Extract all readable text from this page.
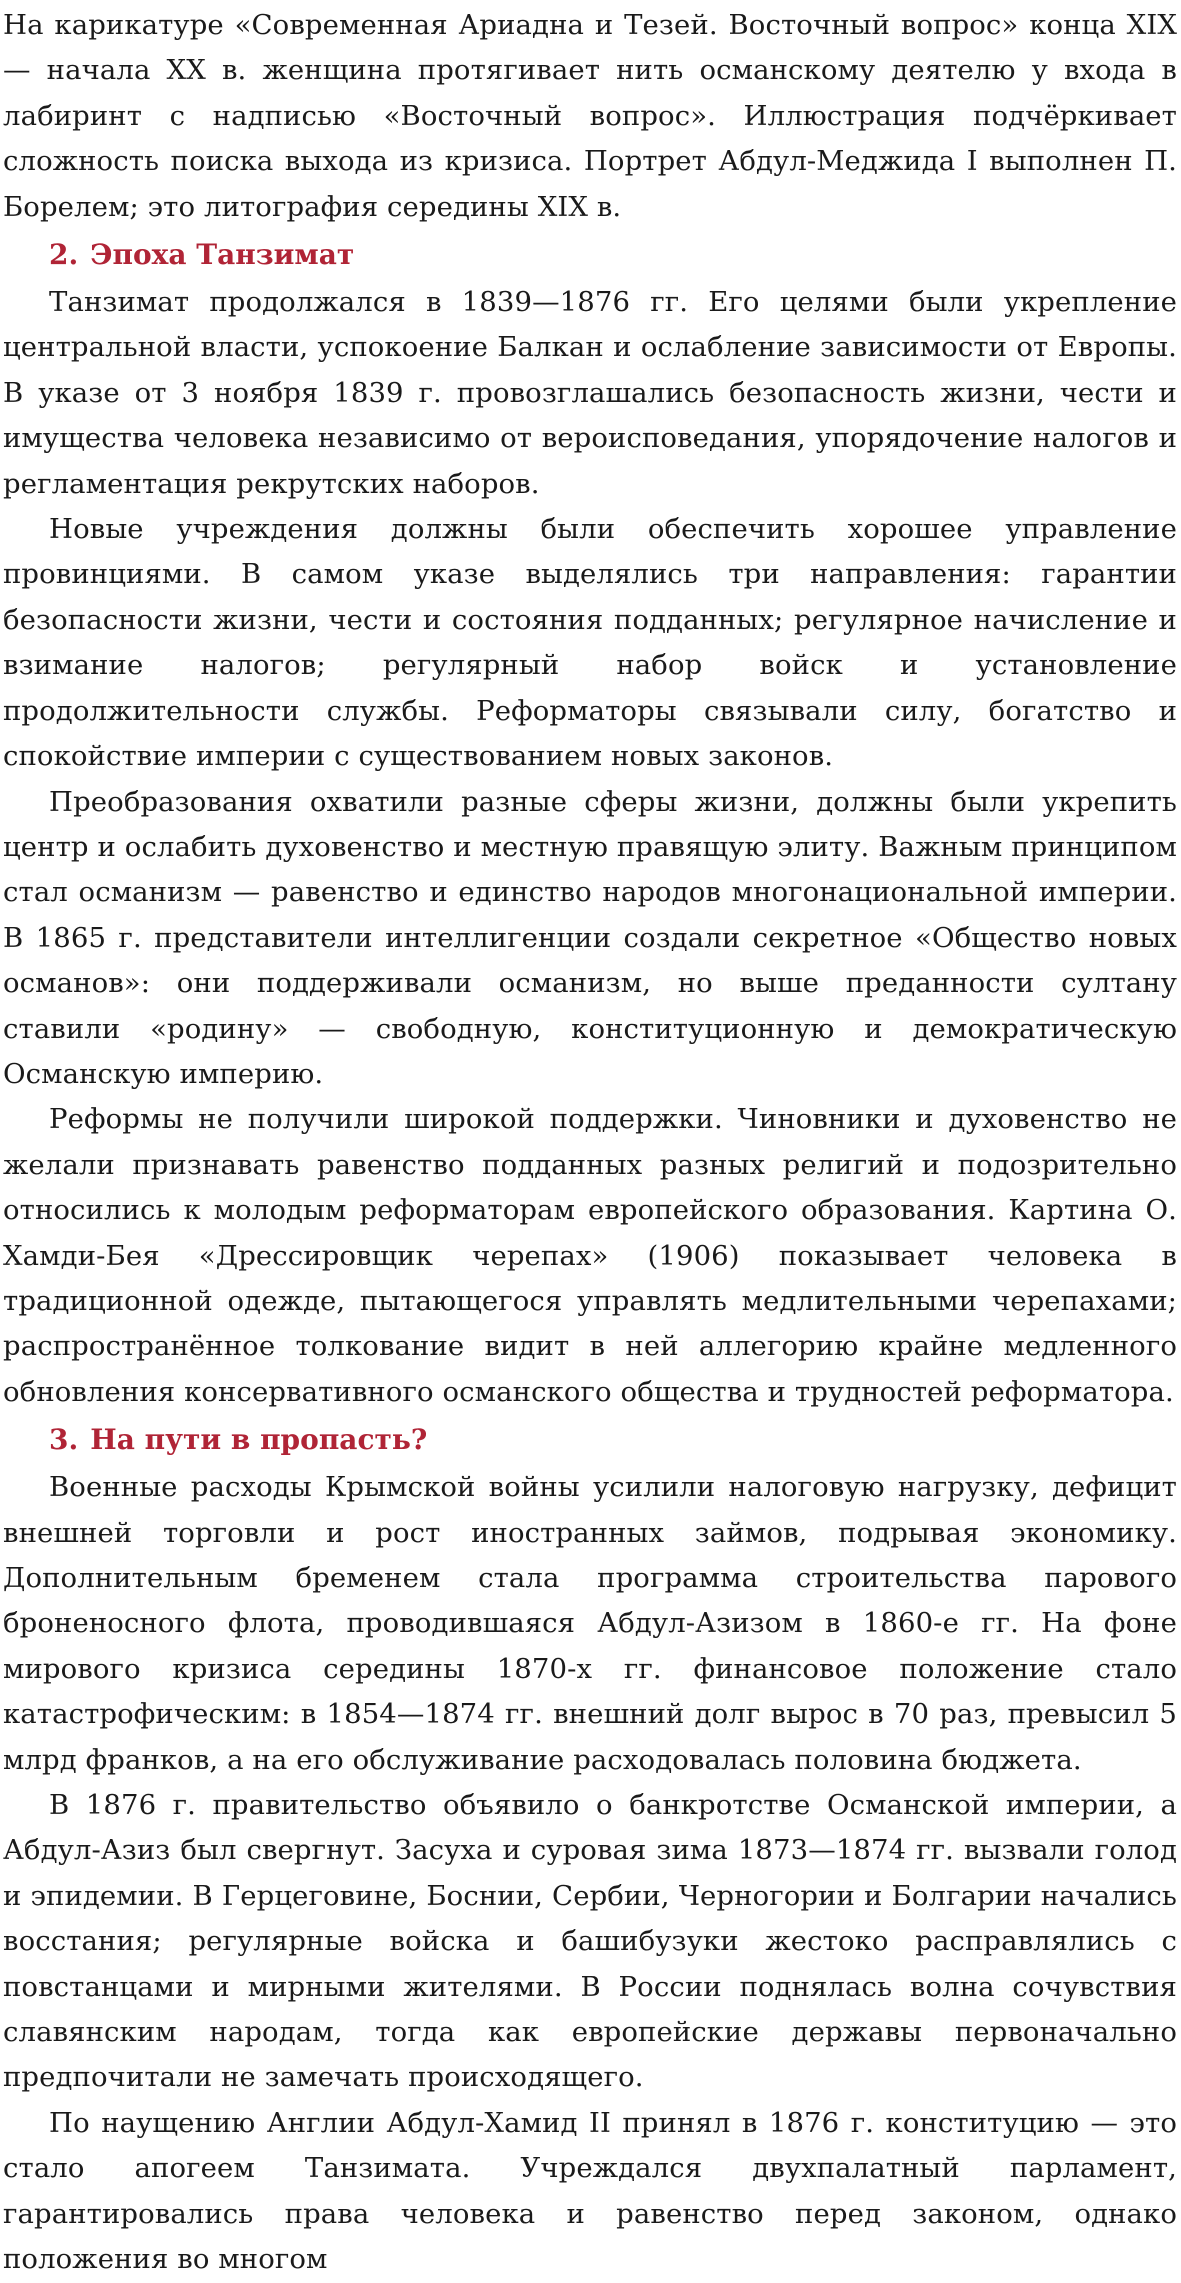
На карикатуре «Современная Ариадна и Тезей. Восточный вопрос» конца XIX — начала XX в. женщина протягивает нить османскому деятелю у входа в лабиринт с надписью «Восточный вопрос». Иллюстрация подчёркивает сложность поиска выхода из кризиса. Портрет Абдул-Меджида I выполнен П. Борелем; это литография середины XIX в.

2. Эпоха Танзимат

Танзимат продолжался в 1839—1876 гг. Его целями были укрепление центральной власти, успокоение Балкан и ослабление зависимости от Европы. В указе от 3 ноября 1839 г. провозглашались безопасность жизни, чести и имущества человека независимо от вероисповедания, упорядочение налогов и регламентация рекрутских наборов.

Новые учреждения должны были обеспечить хорошее управление провинциями. В самом указе выделялись три направления: гарантии безопасности жизни, чести и состояния подданных; регулярное начисление и взимание налогов; регулярный набор войск и установление продолжительности службы. Реформаторы связывали силу, богатство и спокойствие империи с существованием новых законов.

Преобразования охватили разные сферы жизни, должны были укрепить центр и ослабить духовенство и местную правящую элиту. Важным принципом стал османизм — равенство и единство народов многонациональной империи. В 1865 г. представители интеллигенции создали секретное «Общество новых османов»: они поддерживали османизм, но выше преданности султану ставили «родину» — свободную, конституционную и демократическую Османскую империю.

Реформы не получили широкой поддержки. Чиновники и духовенство не желали признавать равенство подданных разных религий и подозрительно относились к молодым реформаторам европейского образования. Картина О. Хамди-Бея «Дрессировщик черепах» (1906) показывает человека в традиционной одежде, пытающегося управлять медлительными черепахами; распространённое толкование видит в ней аллегорию крайне медленного обновления консервативного османского общества и трудностей реформатора.

3. На пути в пропасть?

Военные расходы Крымской войны усилили налоговую нагрузку, дефицит внешней торговли и рост иностранных займов, подрывая экономику. Дополнительным бременем стала программа строительства парового броненосного флота, проводившаяся Абдул-Азизом в 1860-е гг. На фоне мирового кризиса середины 1870-х гг. финансовое положение стало катастрофическим: в 1854—1874 гг. внешний долг вырос в 70 раз, превысил 5 млрд франков, а на его обслуживание расходовалась половина бюджета.

В 1876 г. правительство объявило о банкротстве Османской империи, а Абдул-Азиз был свергнут. Засуха и суровая зима 1873—1874 гг. вызвали голод и эпидемии. В Герцеговине, Боснии, Сербии, Черногории и Болгарии начались восстания; регулярные войска и башибузуки жестоко расправлялись с повстанцами и мирными жителями. В России поднялась волна сочувствия славянским народам, тогда как европейские державы первоначально предпочитали не замечать происходящего.

По наущению Англии Абдул-Хамид II принял в 1876 г. конституцию — это стало апогеем Танзимата. Учреждался двухпалатный парламент, гарантировались права человека и равенство перед законом, однако положения во многом
